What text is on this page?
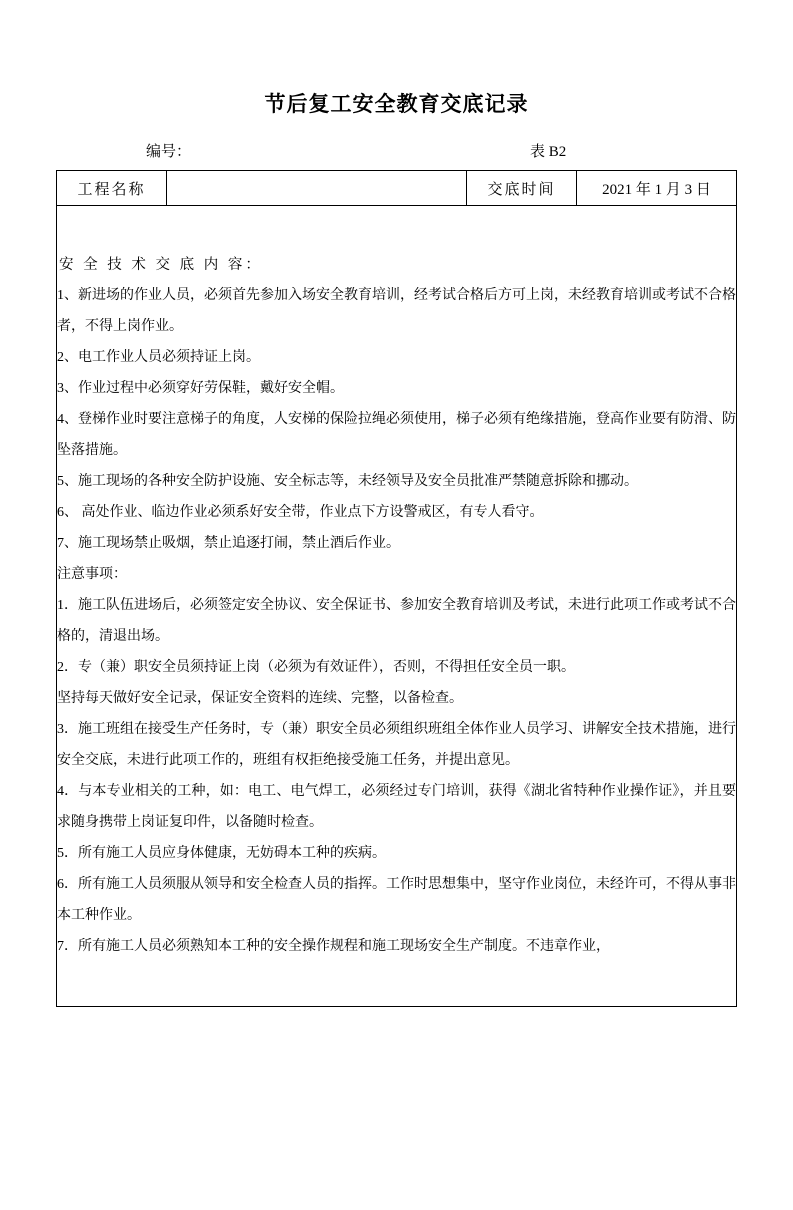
节后复工安全教育交底记录
编号：	表 B2
工程名称		交底时间	2021 年 1 月 3 日

安 全 技 术 交 底 内 容：

1、新进场的作业人员，必须首先参加入场安全教育培训，经考试合格后方可上岗，未经教育培训或考试不合格者，不得上岗作业。

2、电工作业人员必须持证上岗。

3、作业过程中必须穿好劳保鞋，戴好安全帽。

4、登梯作业时要注意梯子的角度，人安梯的保险拉绳必须使用，梯子必须有绝缘措施，登高作业要有防滑、防坠落措施。

5、施工现场的各种安全防护设施、安全标志等，未经领导及安全员批准严禁随意拆除和挪动。

6、 高处作业、临边作业必须系好安全带，作业点下方设警戒区，有专人看守。

7、施工现场禁止吸烟，禁止追逐打闹，禁止酒后作业。

注意事项：

1．施工队伍进场后，必须签定安全协议、安全保证书、参加安全教育培训及考试，未进行此项工作或考试不合格的，清退出场。

2．专（兼）职安全员须持证上岗（必须为有效证件），否则，不得担任安全员一职。

坚持每天做好安全记录，保证安全资料的连续、完整，以备检查。

3．施工班组在接受生产任务时，专（兼）职安全员必须组织班组全体作业人员学习、讲解安全技术措施，进行安全交底，未进行此项工作的，班组有权拒绝接受施工任务，并提出意见。

4．与本专业相关的工种，如：电工、电气焊工，必须经过专门培训，获得《湖北省特种作业操作证》，并且要求随身携带上岗证复印件，以备随时检查。

5．所有施工人员应身体健康，无妨碍本工种的疾病。

6．所有施工人员须服从领导和安全检查人员的指挥。工作时思想集中，坚守作业岗位，未经许可，不得从事非本工种作业。

7．所有施工人员必须熟知本工种的安全操作规程和施工现场安全生产制度。不违章作业，
